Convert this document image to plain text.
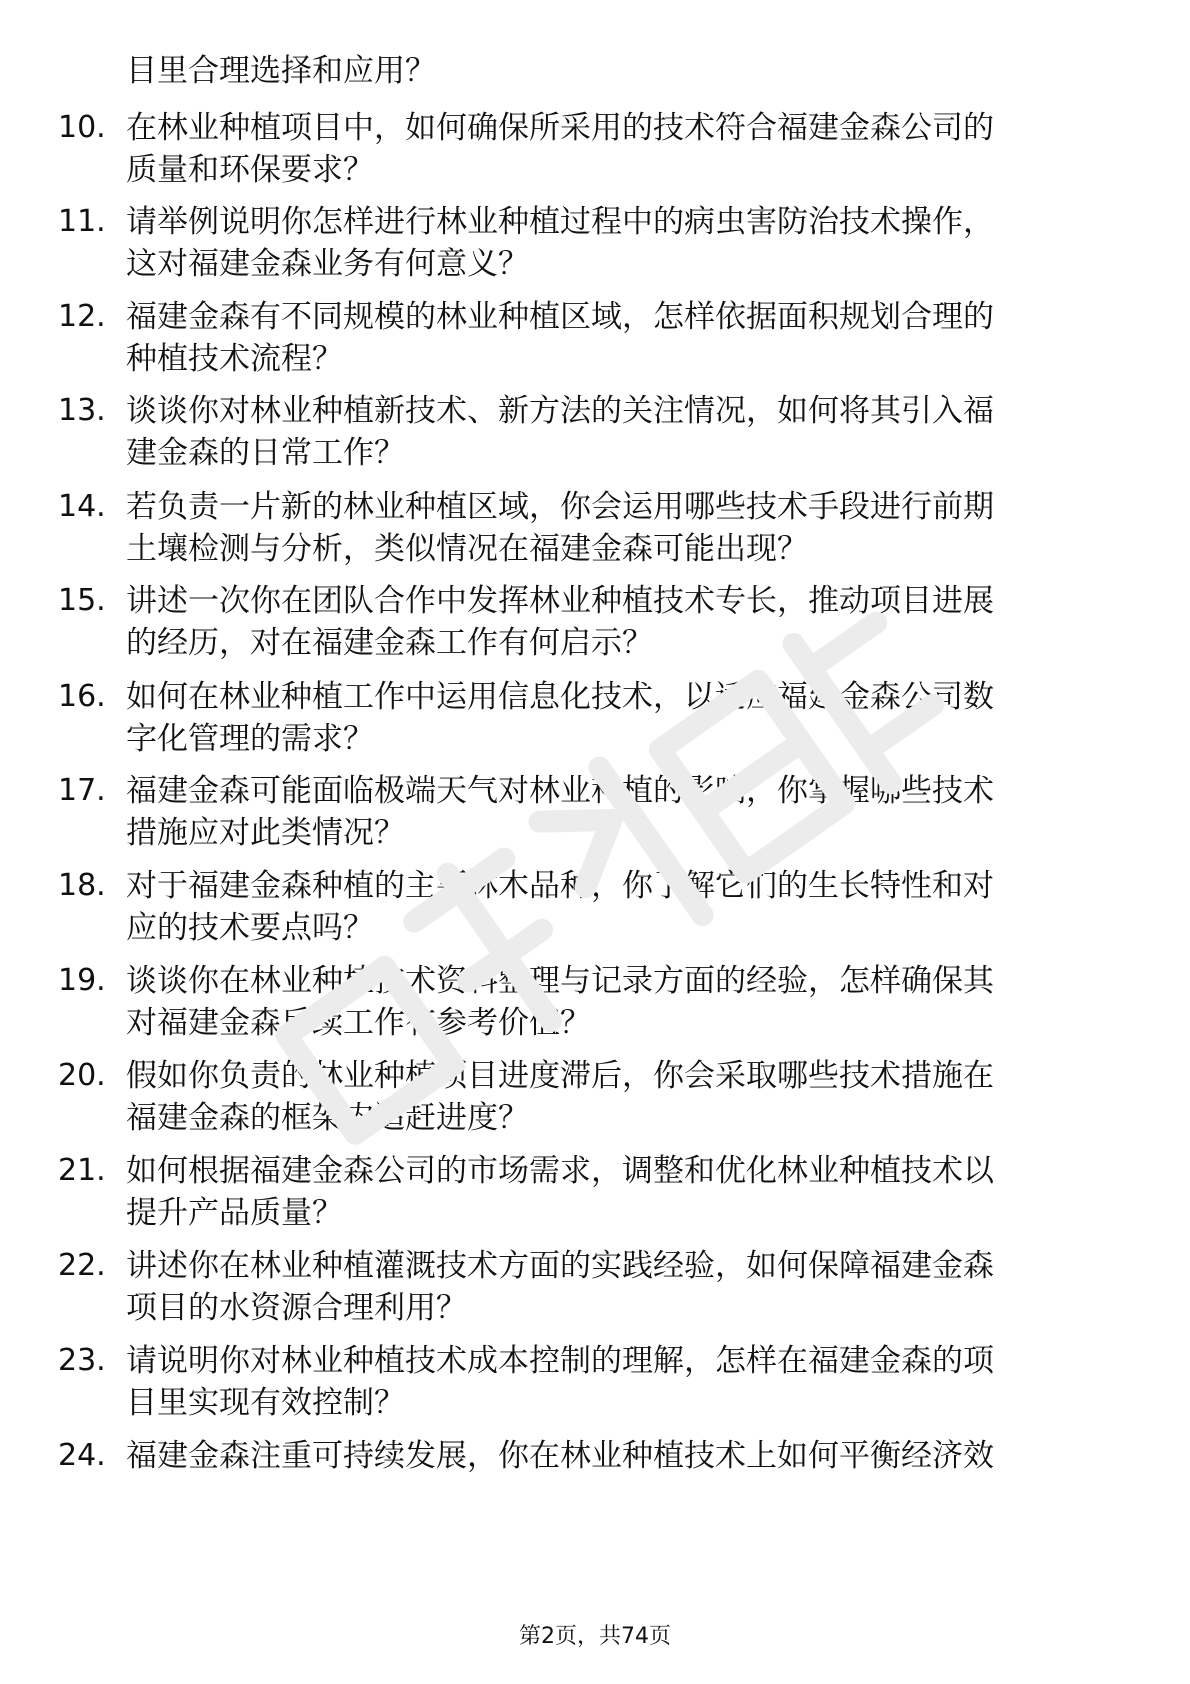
目里合理选择和应用？
10. 在林业种植项目中，如何确保所采用的技术符合福建金森公司的
质量和环保要求？
11. 请举例说明你怎样进行林业种植过程中的病虫害防治技术操作，
这对福建金森业务有何意义？
12. 福建金森有不同规模的林业种植区域，怎样依据面积规划合理的
种植技术流程？
13. 谈谈你对林业种植新技术、新方法的关注情况，如何将其引入福
建金森的日常工作？
14. 若负责一片新的林业种植区域，你会运用哪些技术手段进行前期
土壤检测与分析，类似情况在福建金森可能出现？
15. 讲述一次你在团队合作中发挥林业种植技术专长，推动项目进展
的经历，对在福建金森工作有何启示？
16. 如何在林业种植工作中运用信息化技术，以适应福建金森公司数
字化管理的需求？
17. 福建金森可能面临极端天气对林业种植的影响，你掌握哪些技术
措施应对此类情况？
18. 对于福建金森种植的主要林木品种，你了解它们的生长特性和对
应的技术要点吗？
19. 谈谈你在林业种植技术资料整理与记录方面的经验，怎样确保其
对福建金森后续工作有参考价值？
20. 假如你负责的林业种植项目进度滞后，你会采取哪些技术措施在
福建金森的框架内追赶进度？
21. 如何根据福建金森公司的市场需求，调整和优化林业种植技术以
提升产品质量？
22. 讲述你在林业种植灌溉技术方面的实践经验，如何保障福建金森
项目的水资源合理利用？
23. 请说明你对林业种植技术成本控制的理解，怎样在福建金森的项
目里实现有效控制？
24. 福建金森注重可持续发展，你在林业种植技术上如何平衡经济效
第2页，共74页
